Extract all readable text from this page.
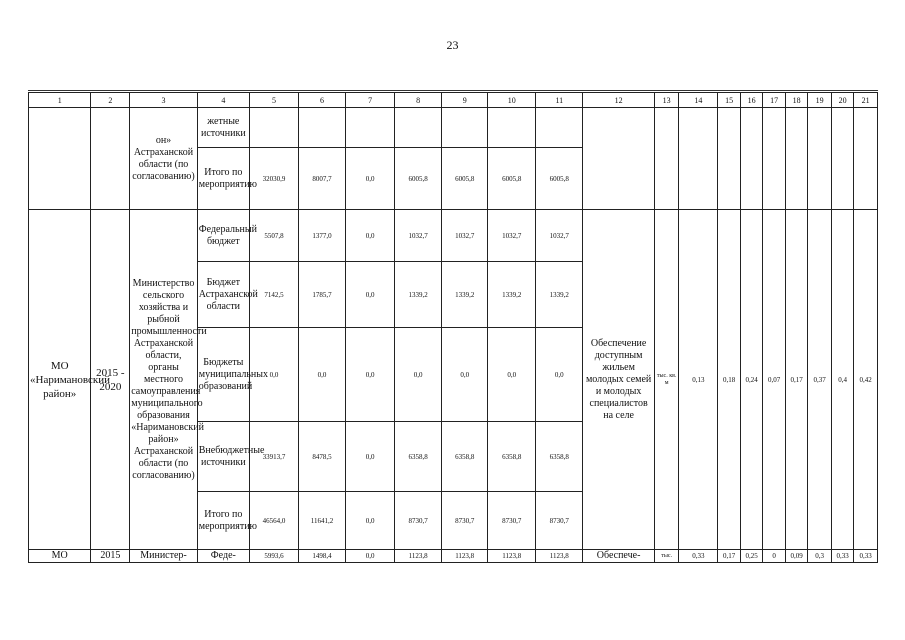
23
1	2	3	4	5	6	7	8	9	10	11	12	13	14	15	16	17	18	19	20	21
		он» Астраханской области (по согласованию)	жетные источники																	
			Итого по мероприятию	32030,9	8007,7	0,0	6005,8	6005,8	6005,8	6005,8										
МО «Наримановский район»	2015 - 2020	Министерство сельского хозяйства и рыбной промышленности Астраханской области, органы местного самоуправления муниципального образования «Наримановский район» Астраханской области (по согласованию)	Федеральный бюджет	5507,8	1377,0	0,0	1032,7	1032,7	1032,7	1032,7	Обеспечение доступным жильем молодых семей и молодых специалистов на селе	тыс. кв. м	0,13	0,18	0,24	0,07	0,17	0,37	0,4	0,42
			Бюджет Астраханской области	7142,5	1785,7	0,0	1339,2	1339,2	1339,2	1339,2										
			Бюджеты муниципальных образований	0,0	0,0	0,0	0,0	0,0	0,0	0,0										
			Внебюджетные источники	33913,7	8478,5	0,0	6358,8	6358,8	6358,8	6358,8										
			Итого по мероприятию	46564,0	11641,2	0,0	8730,7	8730,7	8730,7	8730,7										
МО	2015	Министер-	Феде-	5993,6	1498,4	0,0	1123,8	1123,8	1123,8	1123,8	Обеспече-	тыс.	0,33	0,17	0,25	0	0,09	0,3	0,33	0,33
